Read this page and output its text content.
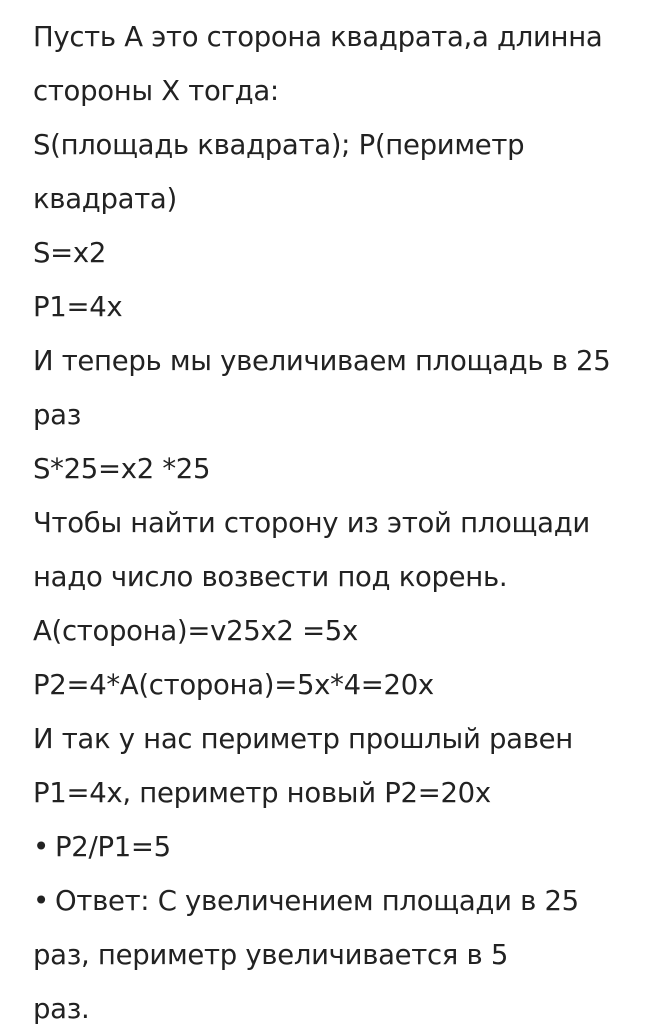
Пусть А это сторона квадрата,а длинна
стороны Х тогда:
S(площадь квадрата); P(периметр
квадрата)
S=x2
P1=4x
И теперь мы увеличиваем площадь в 25
раз
S*25=x2 *25
Чтобы найти сторону из этой площади
надо число возвести под корень.
A(сторона)=v25x2 =5x
P2=4*A(сторона)=5x*4=20x
И так у нас периметр прошлый равен
P1=4x, периметр новый P2=20x
• P2/P1=5
• Ответ: С увеличением площади в 25
раз, периметр увеличивается в 5
раз.
